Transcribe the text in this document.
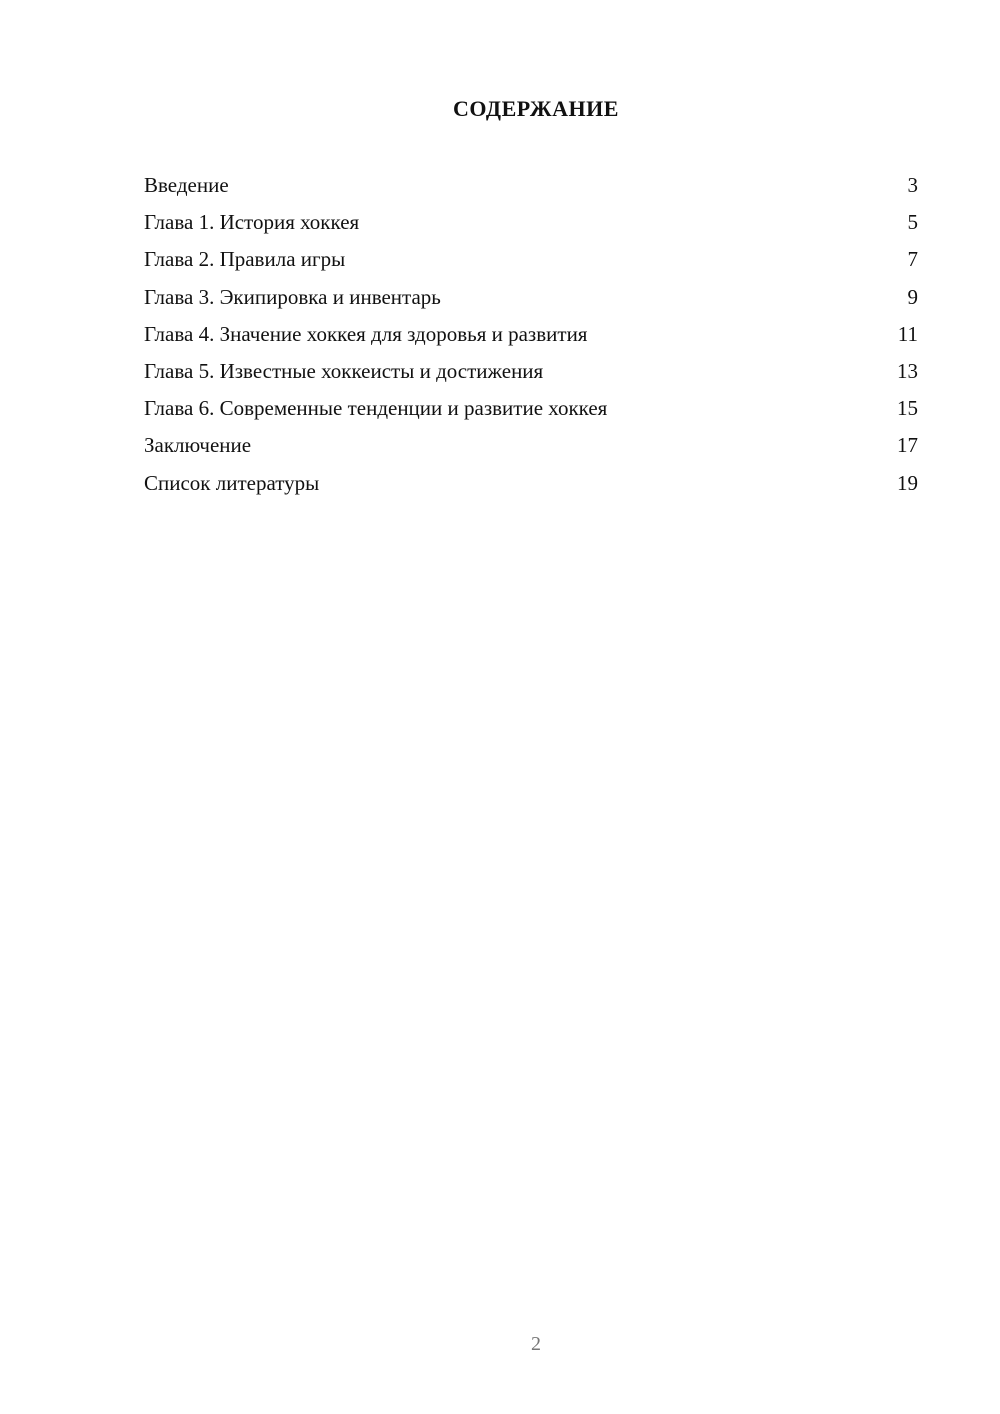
СОДЕРЖАНИЕ
Введение	3
Глава 1. История хоккея	5
Глава 2. Правила игры	7
Глава 3. Экипировка и инвентарь	9
Глава 4. Значение хоккея для здоровья и развития	11
Глава 5. Известные хоккеисты и достижения	13
Глава 6. Современные тенденции и развитие хоккея	15
Заключение	17
Список литературы	19
2
